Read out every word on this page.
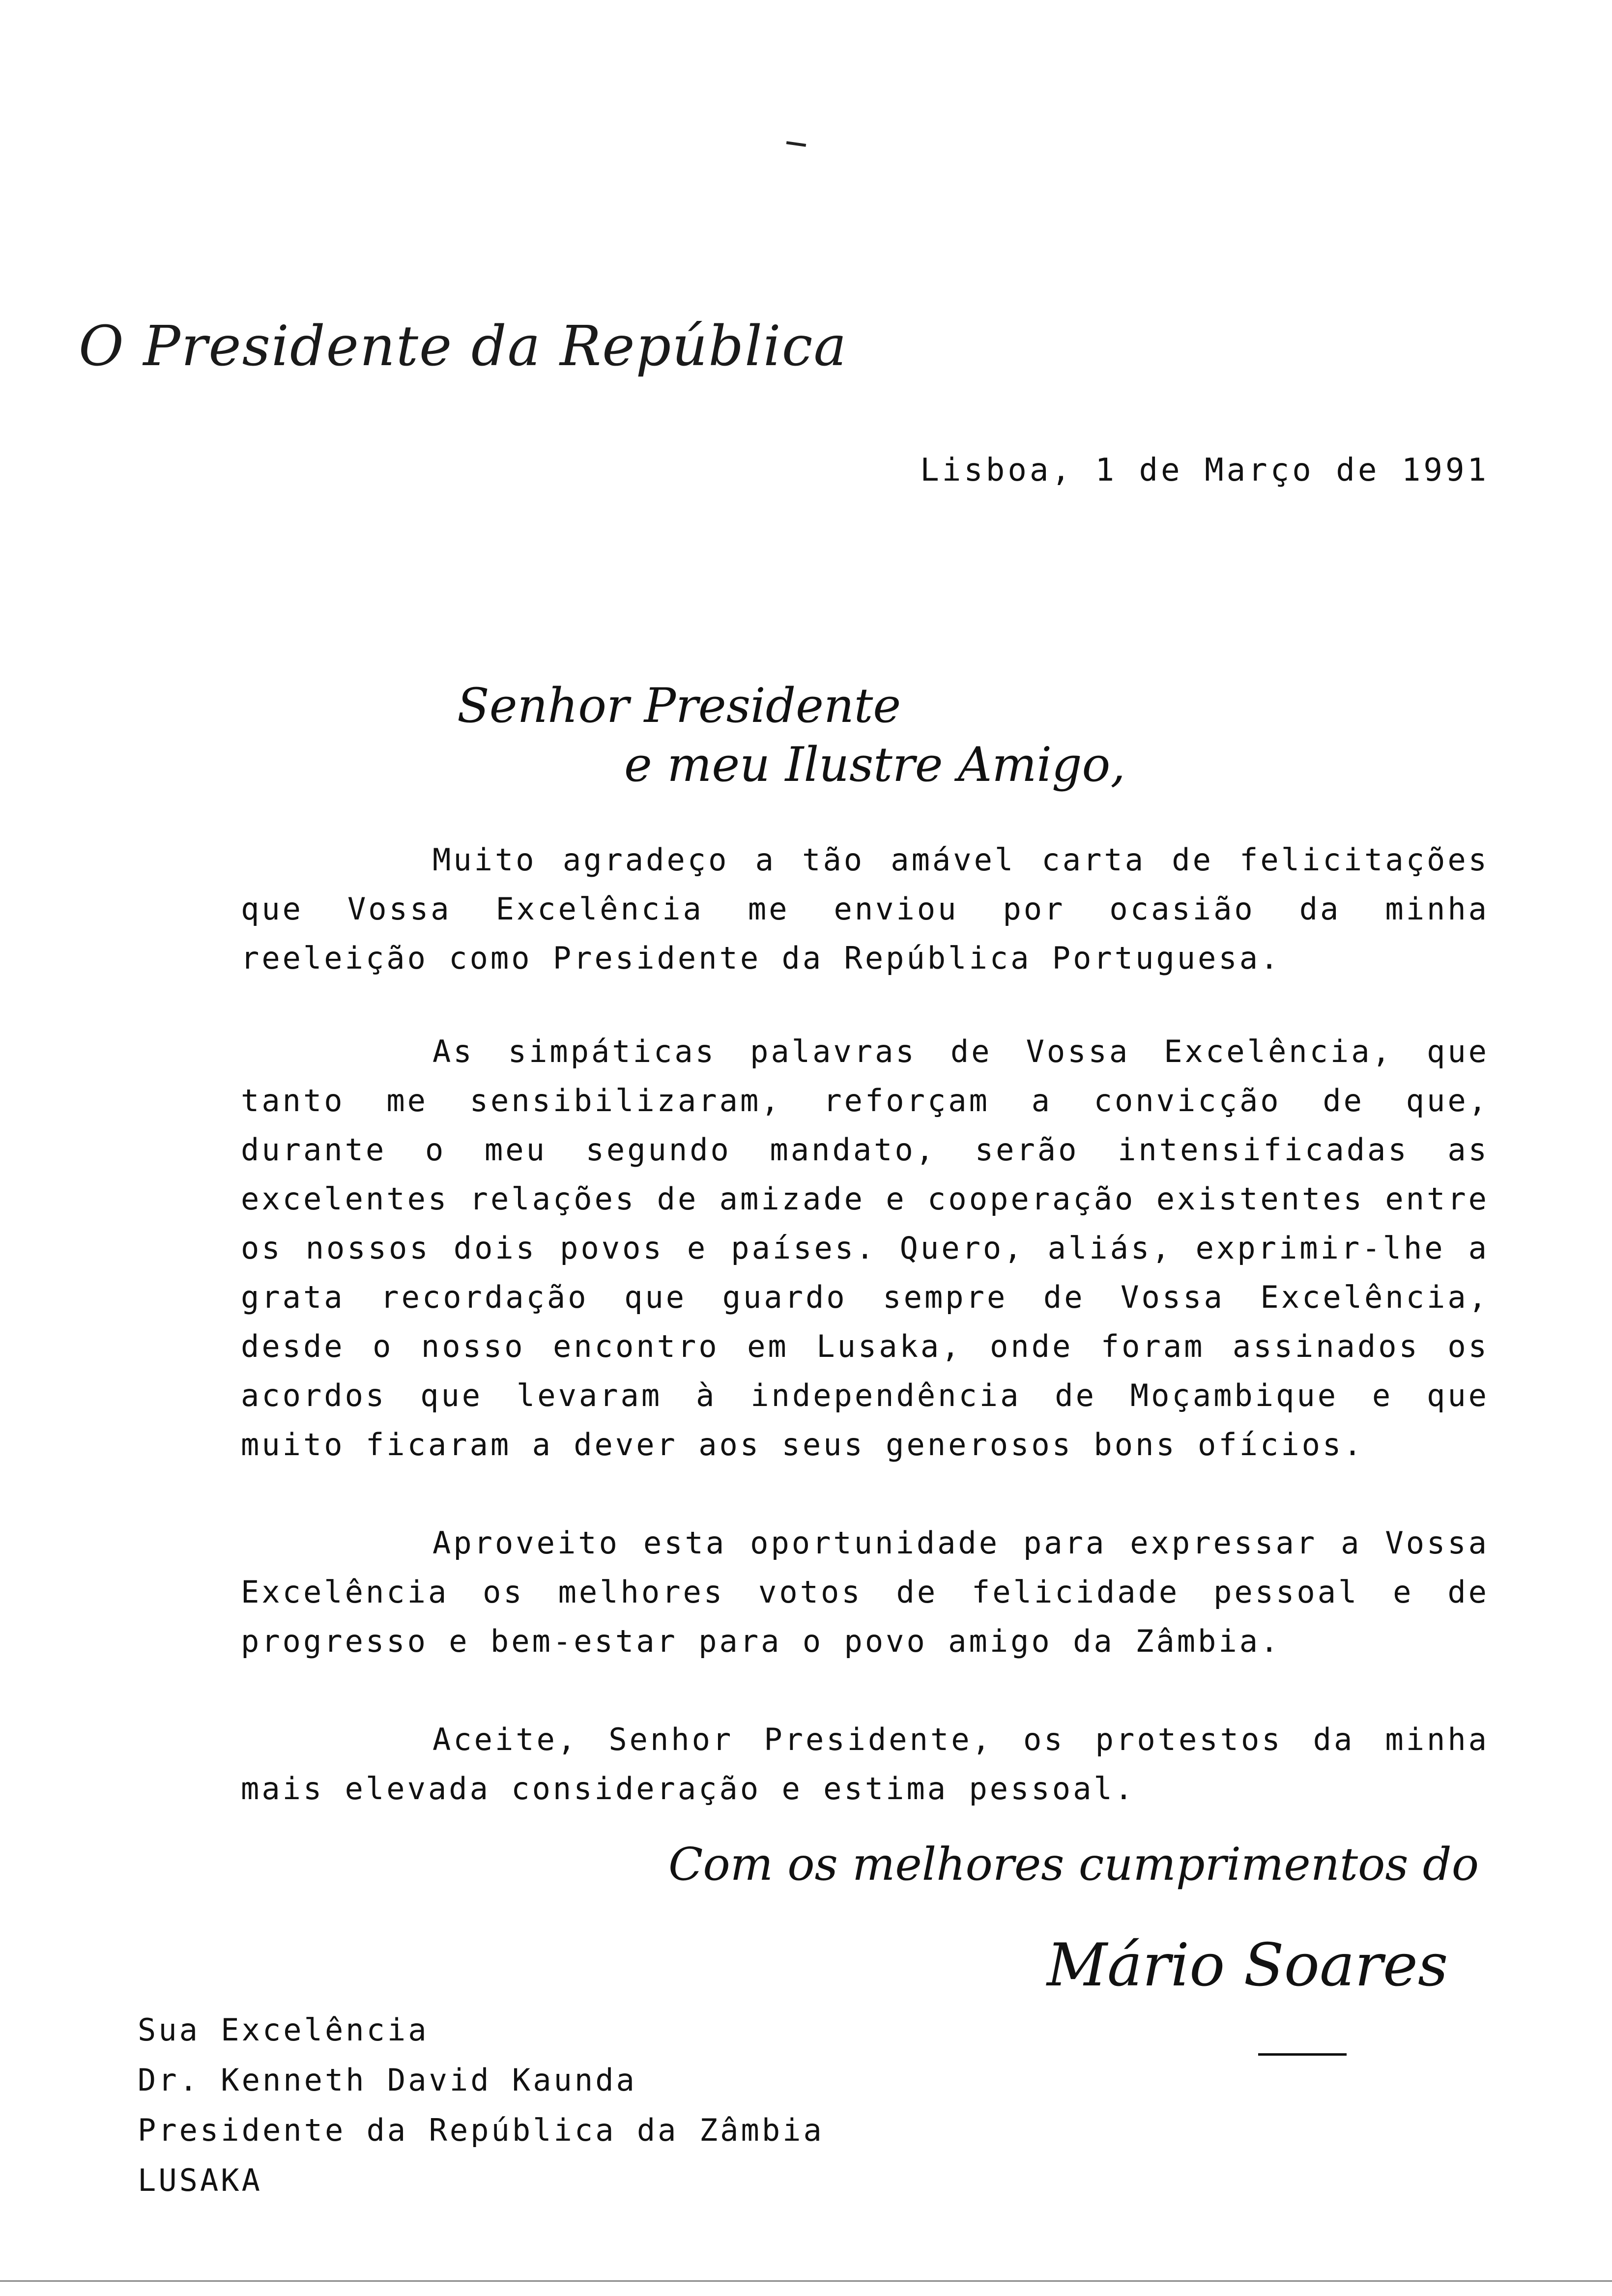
O Presidente da República
Lisboa, 1 de Março de 1991
Senhor Presidente
e meu Ilustre Amigo,
Muito agradeço a tão amável carta de felicitações que Vossa Excelência me enviou por ocasião da minha reeleição como Presidente da República Portuguesa.
As simpáticas palavras de Vossa Excelência, que tanto me sensibilizaram, reforçam a convicção de que, durante o meu segundo mandato, serão intensificadas as excelentes relações de amizade e cooperação existentes entre os nossos dois povos e países. Quero, aliás, exprimir-lhe a grata recordação que guardo sempre de Vossa Excelência, desde o nosso encontro em Lusaka, onde foram assinados os acordos que levaram à independência de Moçambique e que muito ficaram a dever aos seus generosos bons ofícios.
Aproveito esta oportunidade para expressar a Vossa Excelência os melhores votos de felicidade pessoal e de progresso e bem-estar para o povo amigo da Zâmbia.
Aceite, Senhor Presidente, os protestos da minha mais elevada consideração e estima pessoal.
Com os melhores cumprimentos do
Mário Soares
Sua Excelência
Dr. Kenneth David Kaunda
Presidente da República da Zâmbia
LUSAKA
